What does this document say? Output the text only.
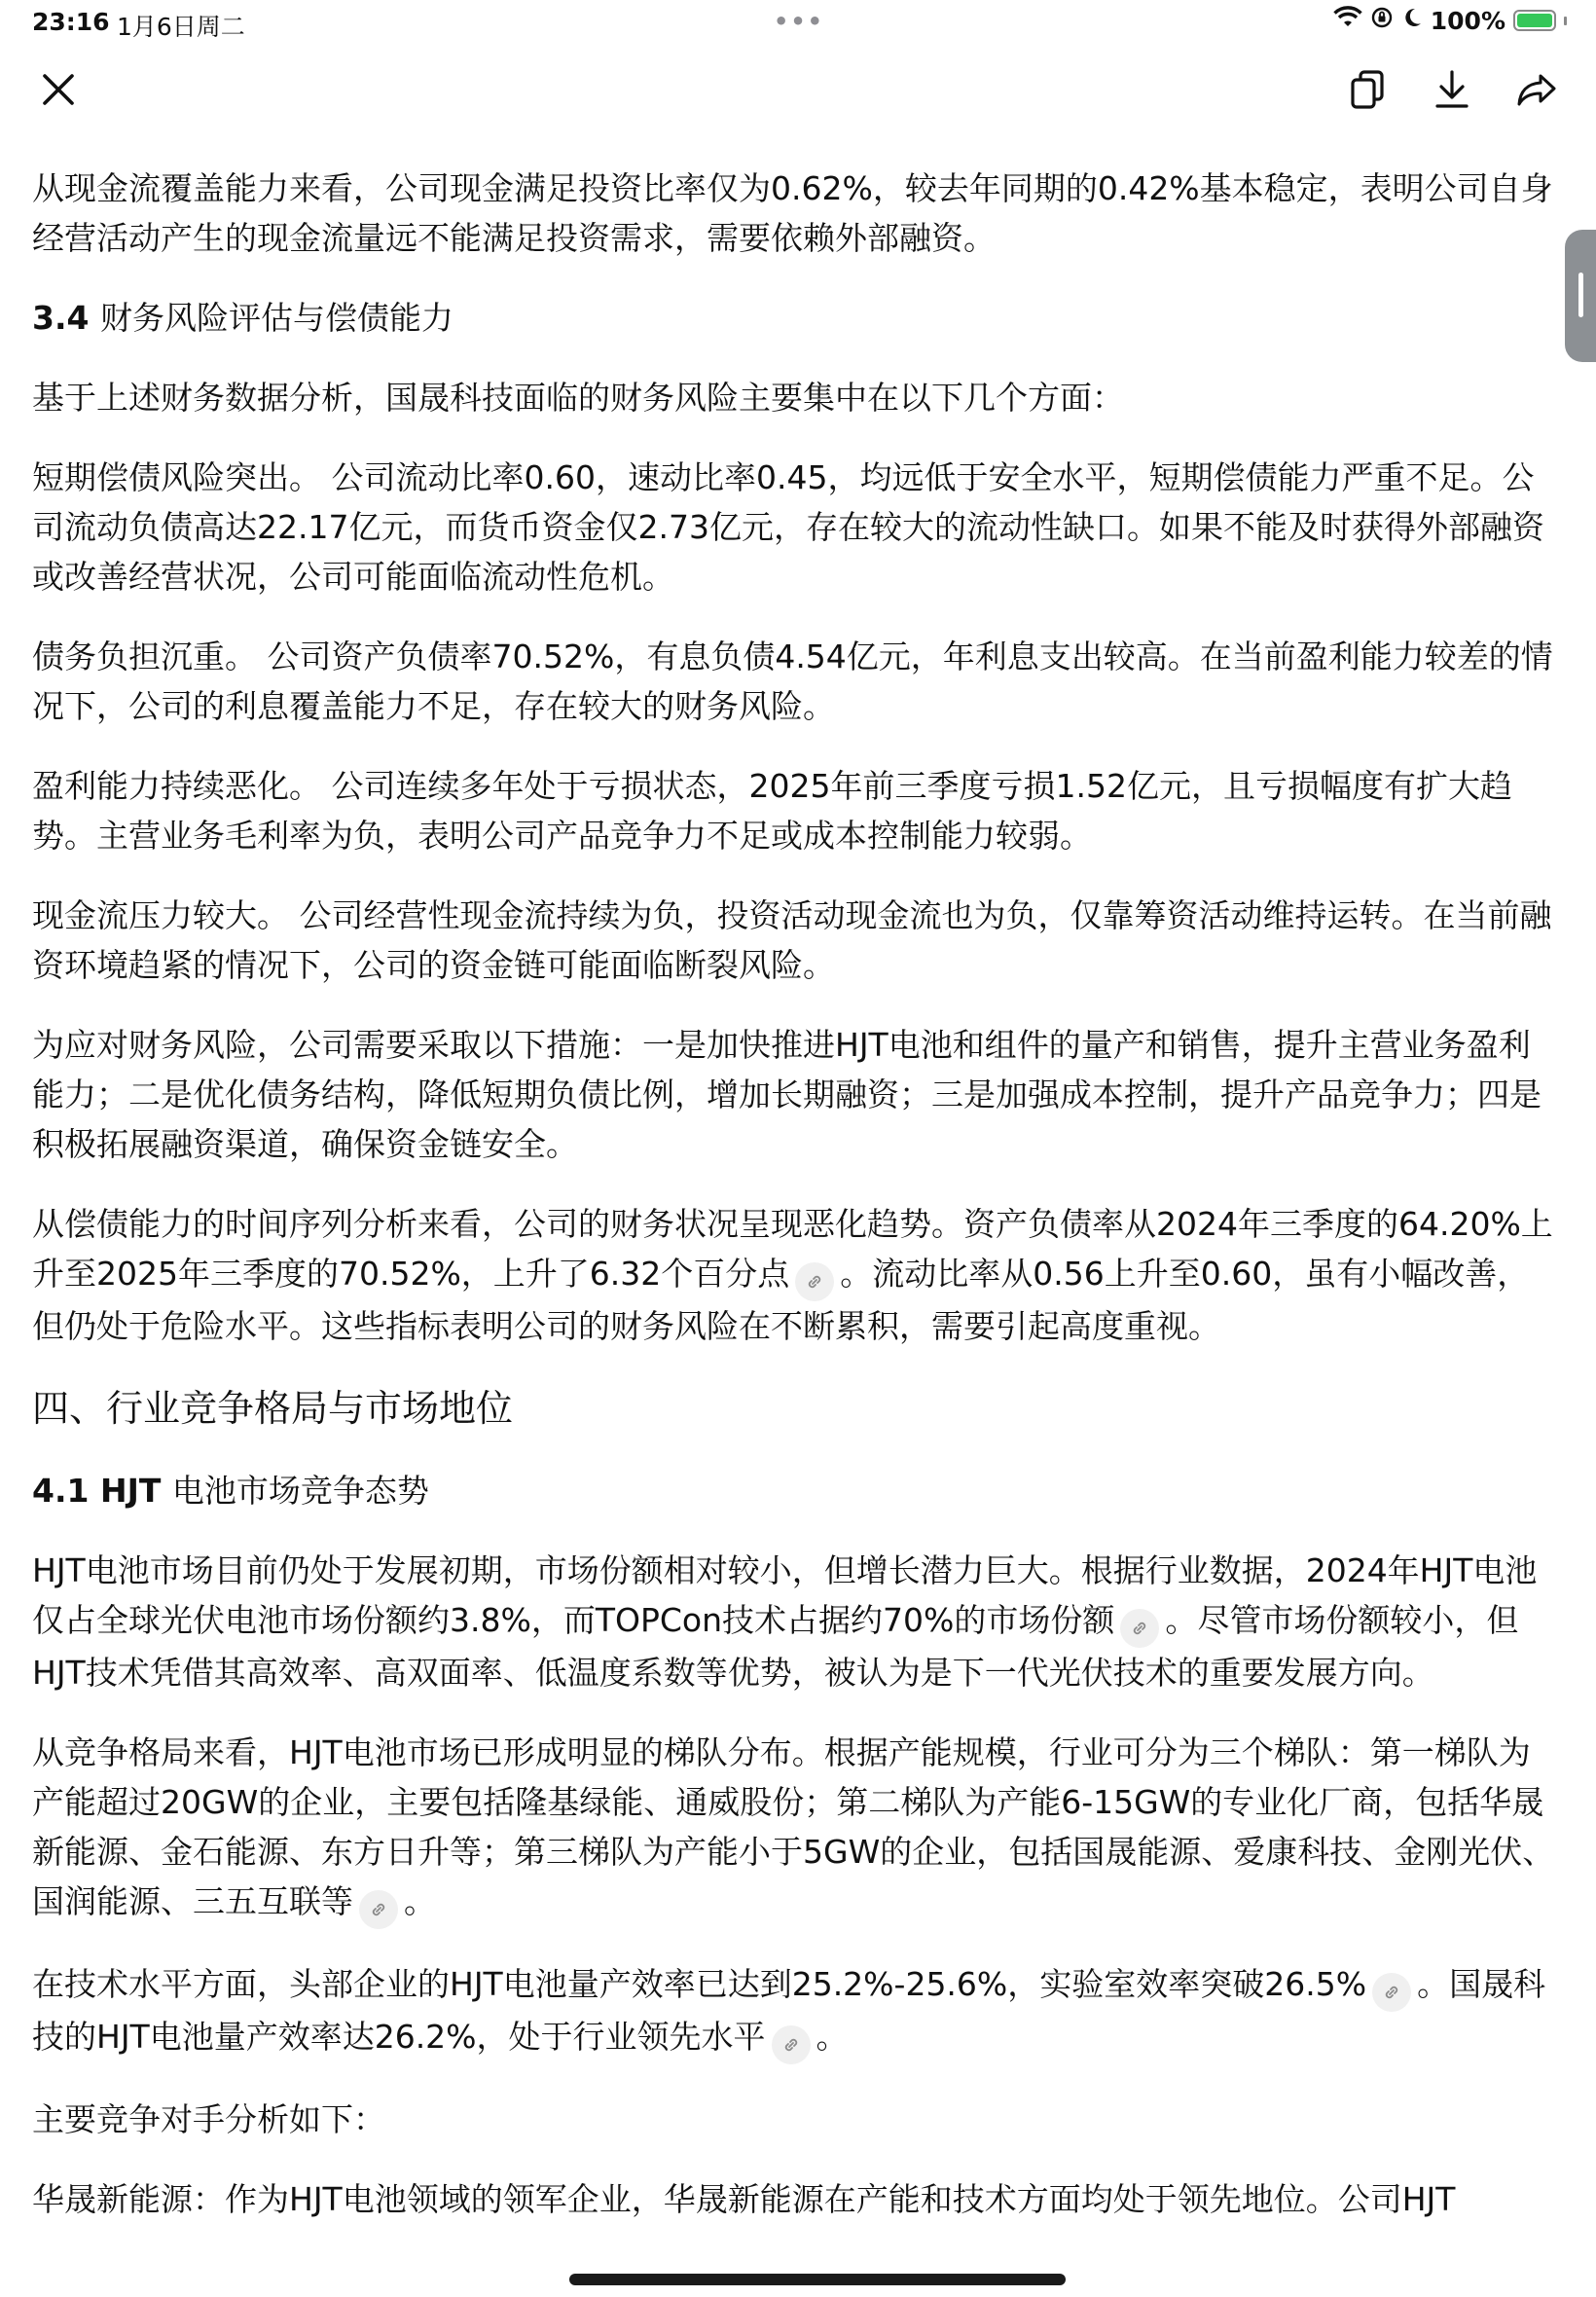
23:16 1月6日周二	•••	100%

从现金流覆盖能力来看，公司现金满足投资比率仅为0.62%，较去年同期的0.42%基本稳定，表明公司自身经营活动产生的现金流量远不能满足投资需求，需要依赖外部融资。

3.4 财务风险评估与偿债能力

基于上述财务数据分析，国晟科技面临的财务风险主要集中在以下几个方面：

短期偿债风险突出。 公司流动比率0.60，速动比率0.45，均远低于安全水平，短期偿债能力严重不足。公司流动负债高达22.17亿元，而货币资金仅2.73亿元，存在较大的流动性缺口。如果不能及时获得外部融资或改善经营状况，公司可能面临流动性危机。

债务负担沉重。 公司资产负债率70.52%，有息负债4.54亿元，年利息支出较高。在当前盈利能力较差的情况下，公司的利息覆盖能力不足，存在较大的财务风险。

盈利能力持续恶化。 公司连续多年处于亏损状态，2025年前三季度亏损1.52亿元，且亏损幅度有扩大趋势。主营业务毛利率为负，表明公司产品竞争力不足或成本控制能力较弱。

现金流压力较大。 公司经营性现金流持续为负，投资活动现金流也为负，仅靠筹资活动维持运转。在当前融资环境趋紧的情况下，公司的资金链可能面临断裂风险。

为应对财务风险，公司需要采取以下措施：一是加快推进HJT电池和组件的量产和销售，提升主营业务盈利能力；二是优化债务结构，降低短期负债比例，增加长期融资；三是加强成本控制，提升产品竞争力；四是积极拓展融资渠道，确保资金链安全。

从偿债能力的时间序列分析来看，公司的财务状况呈现恶化趋势。资产负债率从2024年三季度的64.20%上升至2025年三季度的70.52%，上升了6.32个百分点 。流动比率从0.56上升至0.60，虽有小幅改善，但仍处于危险水平。这些指标表明公司的财务风险在不断累积，需要引起高度重视。

四、行业竞争格局与市场地位
4.1 HJT 电池市场竞争态势

HJT电池市场目前仍处于发展初期，市场份额相对较小，但增长潜力巨大。根据行业数据，2024年HJT电池仅占全球光伏电池市场份额约3.8%，而TOPCon技术占据约70%的市场份额 。尽管市场份额较小，但HJT技术凭借其高效率、高双面率、低温度系数等优势，被认为是下一代光伏技术的重要发展方向。

从竞争格局来看，HJT电池市场已形成明显的梯队分布。根据产能规模，行业可分为三个梯队：第一梯队为产能超过20GW的企业，主要包括隆基绿能、通威股份；第二梯队为产能6-15GW的专业化厂商，包括华晟新能源、金石能源、东方日升等；第三梯队为产能小于5GW的企业，包括国晟能源、爱康科技、金刚光伏、国润能源、三五互联等 。

在技术水平方面，头部企业的HJT电池量产效率已达到25.2%-25.6%，实验室效率突破26.5% 。国晟科技的HJT电池量产效率达26.2%，处于行业领先水平 。

主要竞争对手分析如下：

华晟新能源：作为HJT电池领域的领军企业，华晟新能源在产能和技术方面均处于领先地位。公司HJT
